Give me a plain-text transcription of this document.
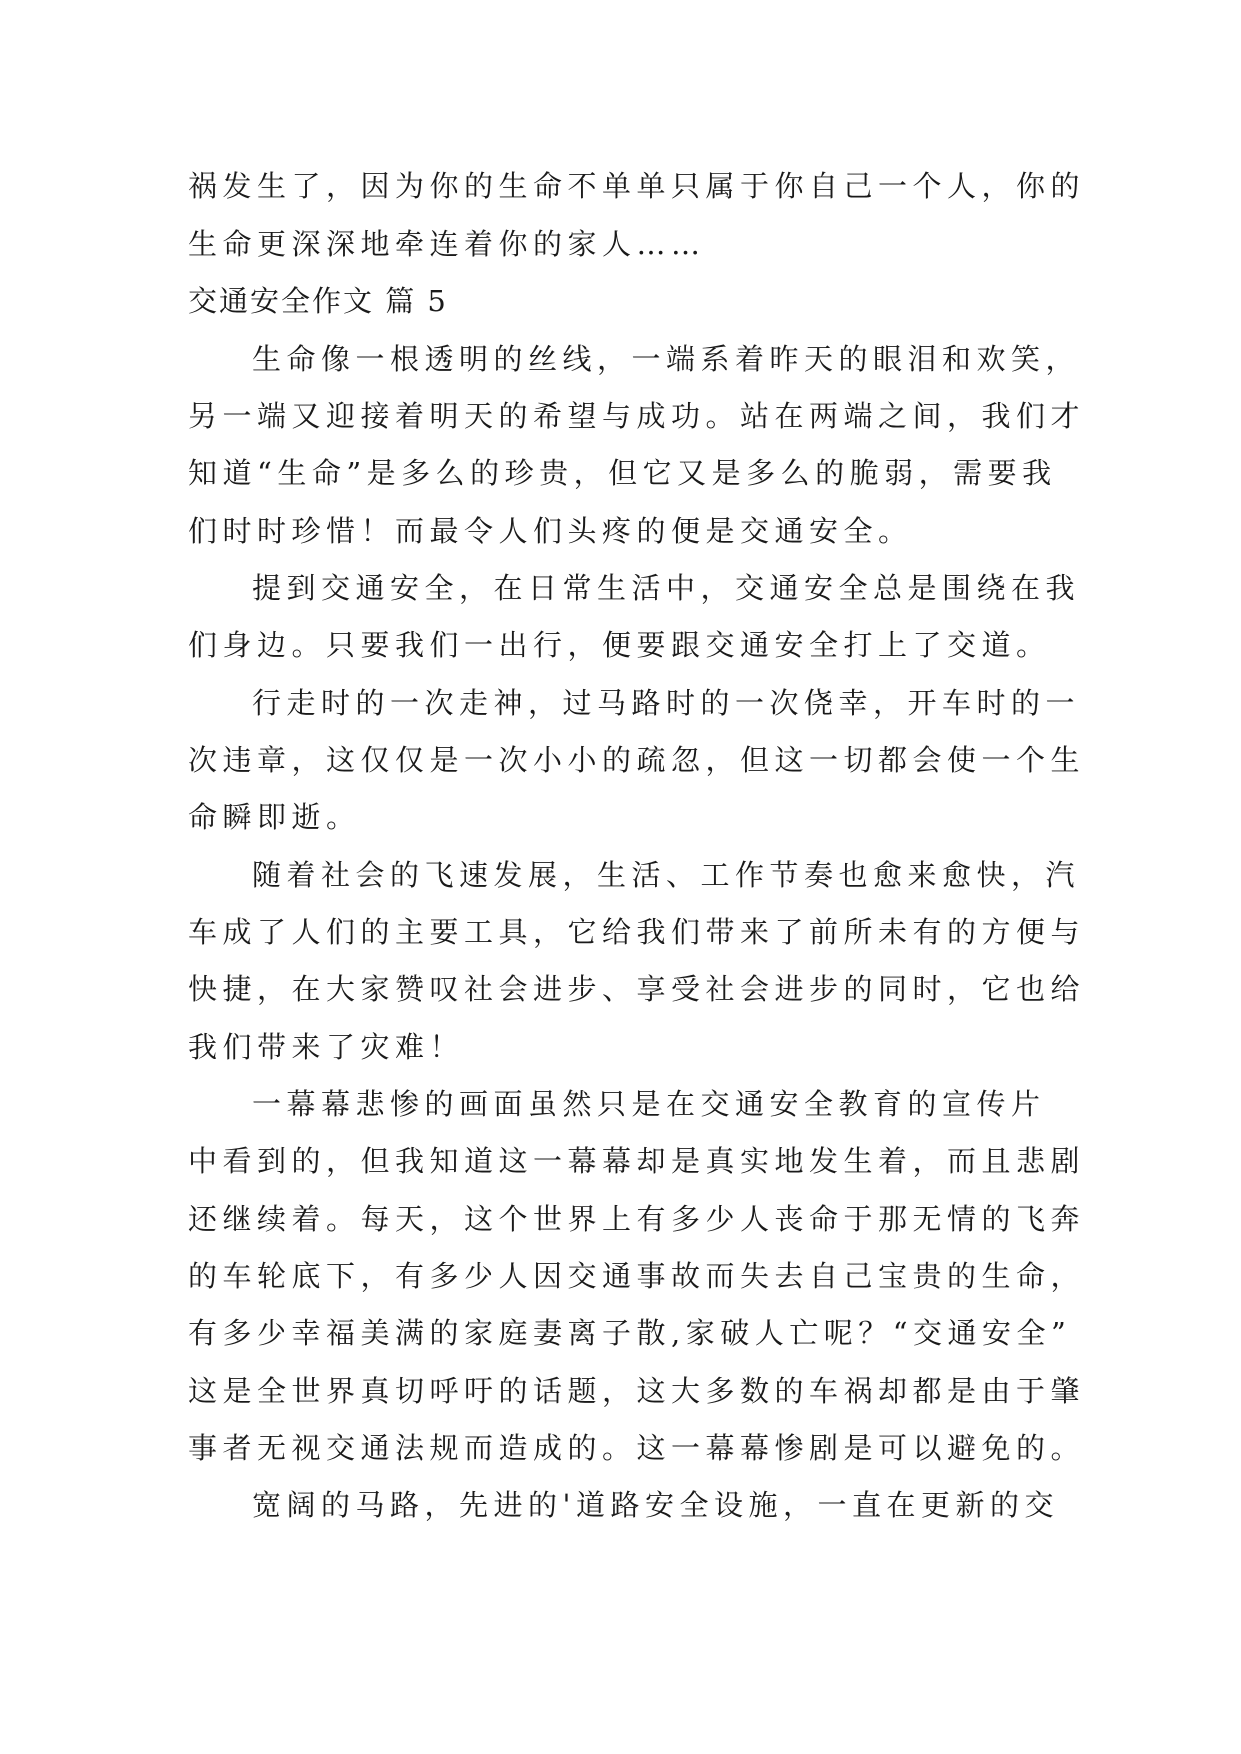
祸发生了，因为你的生命不单单只属于你自己一个人，你的
生命更深深地牵连着你的家人……
交通安全作文 篇 5
生命像一根透明的丝线，一端系着昨天的眼泪和欢笑，
另一端又迎接着明天的希望与成功。站在两端之间，我们才
知道“生命”是多么的珍贵，但它又是多么的脆弱，需要我
们时时珍惜！而最令人们头疼的便是交通安全。
提到交通安全，在日常生活中，交通安全总是围绕在我
们身边。只要我们一出行，便要跟交通安全打上了交道。
行走时的一次走神，过马路时的一次侥幸，开车时的一
次违章，这仅仅是一次小小的疏忽，但这一切都会使一个生
命瞬即逝。
随着社会的飞速发展，生活、工作节奏也愈来愈快，汽
车成了人们的主要工具，它给我们带来了前所未有的方便与
快捷，在大家赞叹社会进步、享受社会进步的同时，它也给
我们带来了灾难！
一幕幕悲惨的画面虽然只是在交通安全教育的宣传片
中看到的，但我知道这一幕幕却是真实地发生着，而且悲剧
还继续着。每天，这个世界上有多少人丧命于那无情的飞奔
的车轮底下，有多少人因交通事故而失去自己宝贵的生命，
有多少幸福美满的家庭妻离子散,家破人亡呢？“交通安全”
这是全世界真切呼吁的话题，这大多数的车祸却都是由于肇
事者无视交通法规而造成的。这一幕幕惨剧是可以避免的。
宽阔的马路，先进的'道路安全设施，一直在更新的交
